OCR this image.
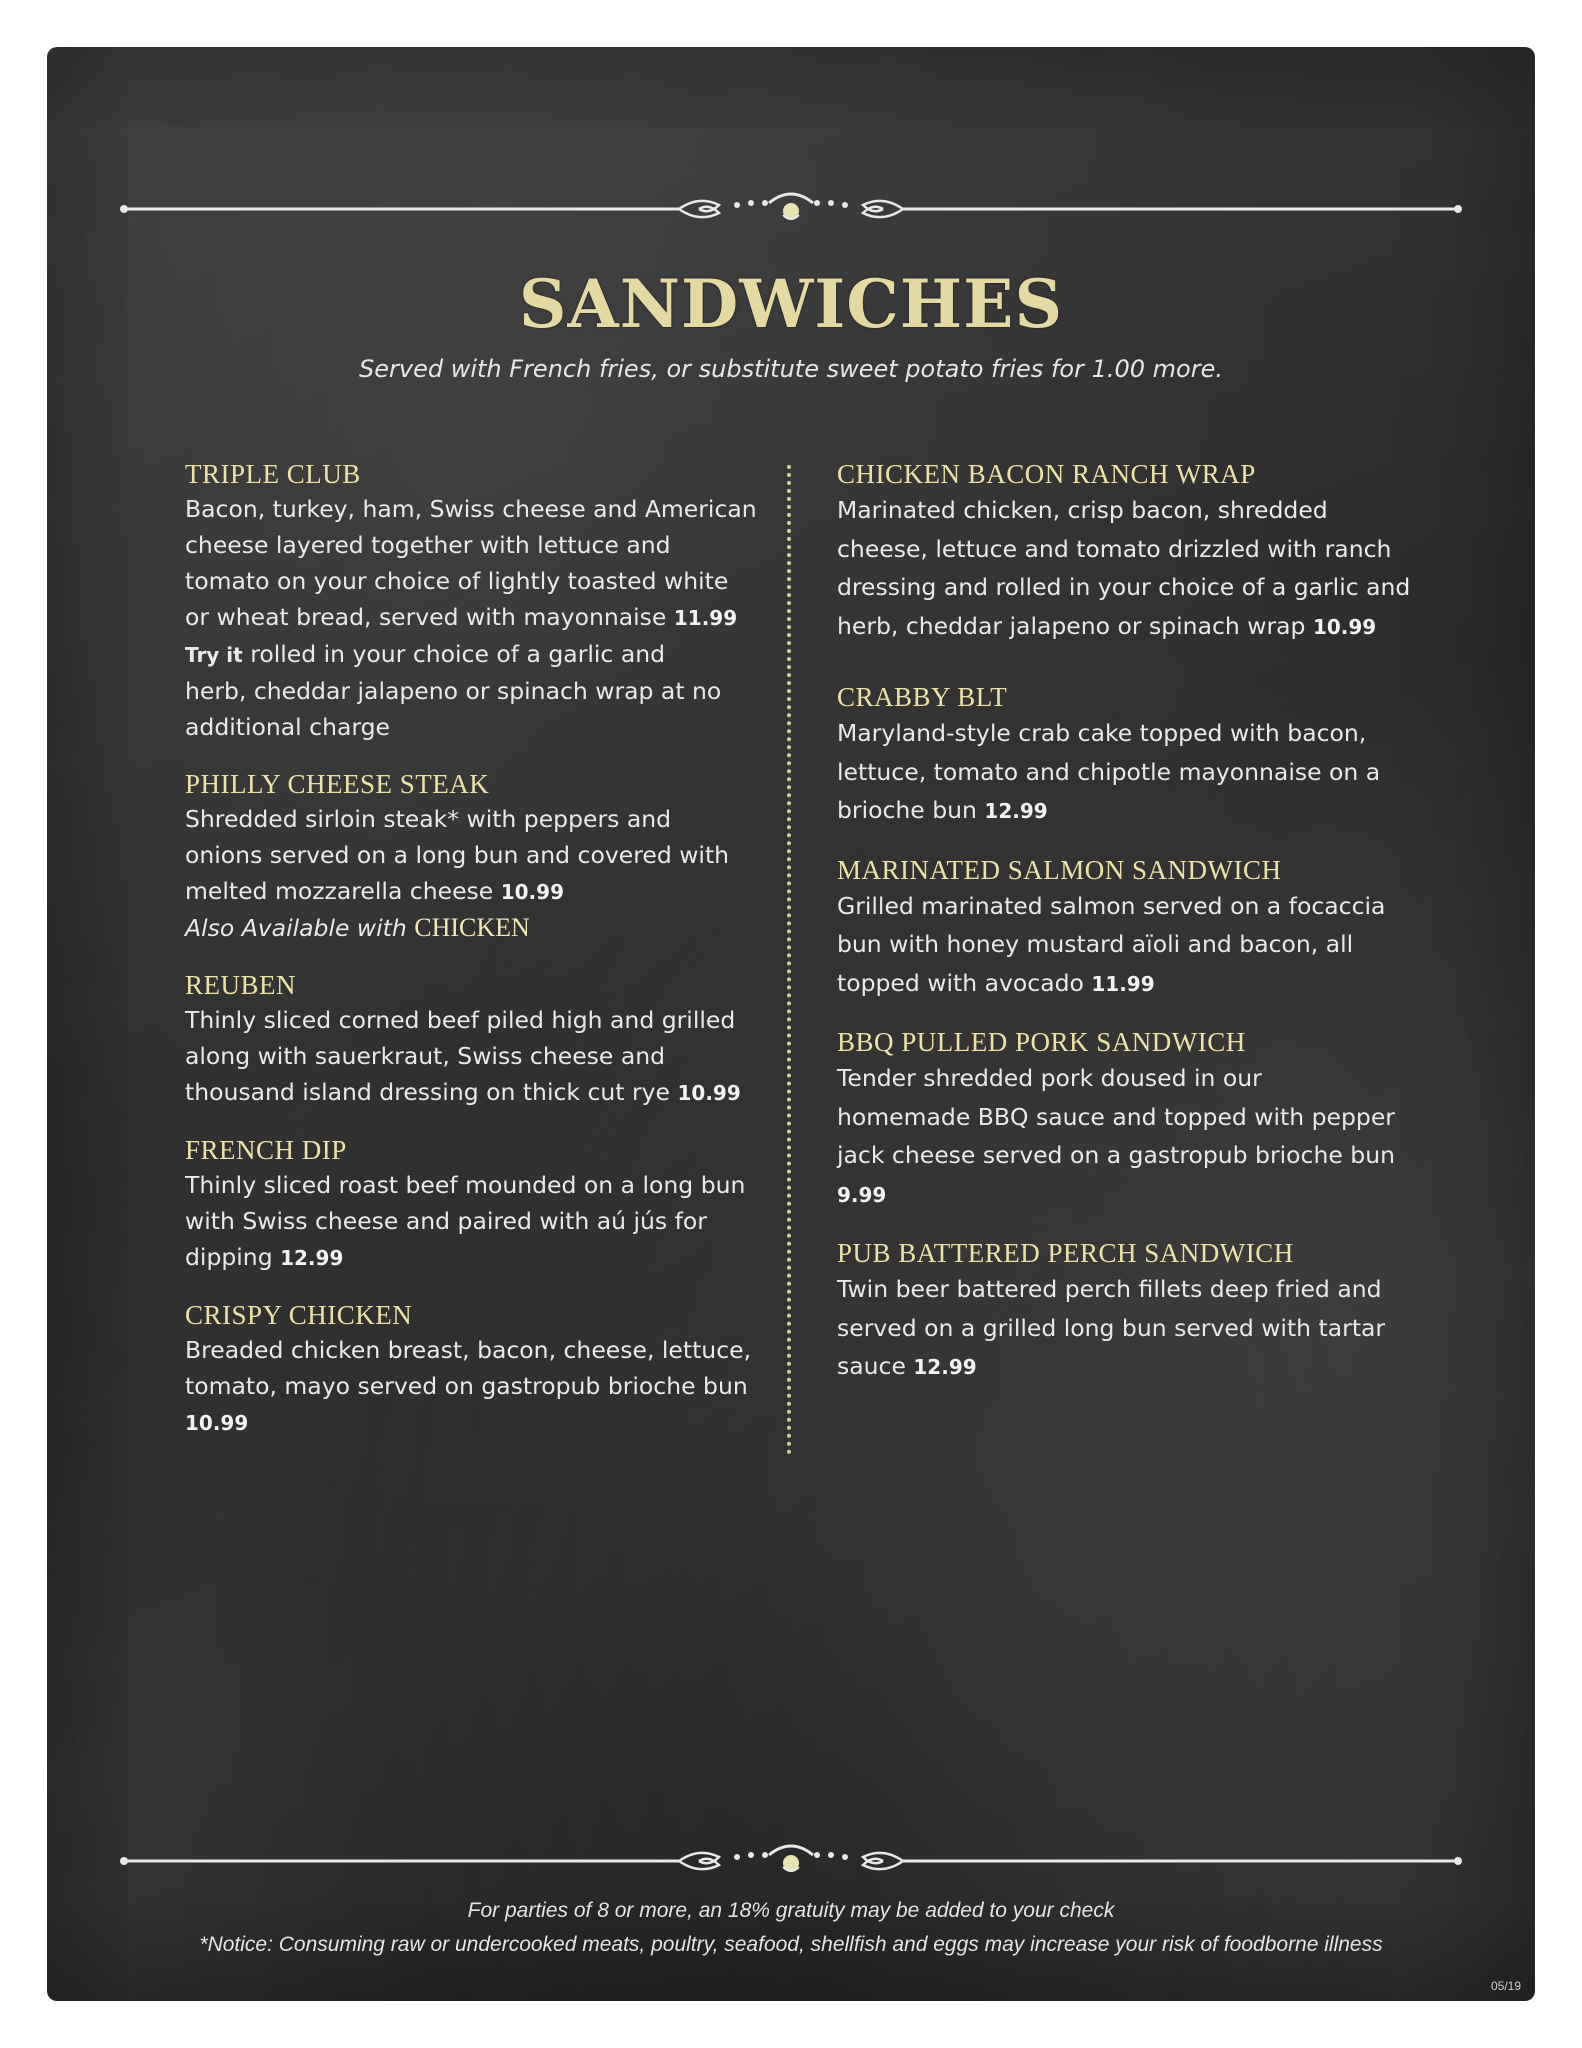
SANDWICHES
Served with French fries, or substitute sweet potato fries for 1.00 more.

TRIPLE CLUB

Bacon, turkey, ham, Swiss cheese and American
cheese layered together with lettuce and
tomato on your choice of lightly toasted white
or wheat bread, served with mayonnaise 11.99
Try it rolled in your choice of a garlic and
herb, cheddar jalapeno or spinach wrap at no
additional charge

PHILLY CHEESE STEAK

Shredded sirloin steak* with peppers and
onions served on a long bun and covered with
melted mozzarella cheese 10.99
Also Available with CHICKEN

REUBEN

Thinly sliced corned beef piled high and grilled
along with sauerkraut, Swiss cheese and
thousand island dressing on thick cut rye 10.99

FRENCH DIP

Thinly sliced roast beef mounded on a long bun
with Swiss cheese and paired with aú jús for
dipping 12.99

CRISPY CHICKEN

Breaded chicken breast, bacon, cheese, lettuce,
tomato, mayo served on gastropub brioche bun
10.99

CHICKEN BACON RANCH WRAP

Marinated chicken, crisp bacon, shredded
cheese, lettuce and tomato drizzled with ranch
dressing and rolled in your choice of a garlic and
herb, cheddar jalapeno or spinach wrap 10.99

CRABBY BLT

Maryland-style crab cake topped with bacon,
lettuce, tomato and chipotle mayonnaise on a
brioche bun 12.99

MARINATED SALMON SANDWICH

Grilled marinated salmon served on a focaccia
bun with honey mustard aïoli and bacon, all
topped with avocado 11.99

BBQ PULLED PORK SANDWICH

Tender shredded pork doused in our
homemade BBQ sauce and topped with pepper
jack cheese served on a gastropub brioche bun
9.99

PUB BATTERED PERCH SANDWICH

Twin beer battered perch fillets deep fried and
served on a grilled long bun served with tartar
sauce 12.99

For parties of 8 or more, an 18% gratuity may be added to your check
*Notice: Consuming raw or undercooked meats, poultry, seafood, shellfish and eggs may increase your risk of foodborne illness
05/19
